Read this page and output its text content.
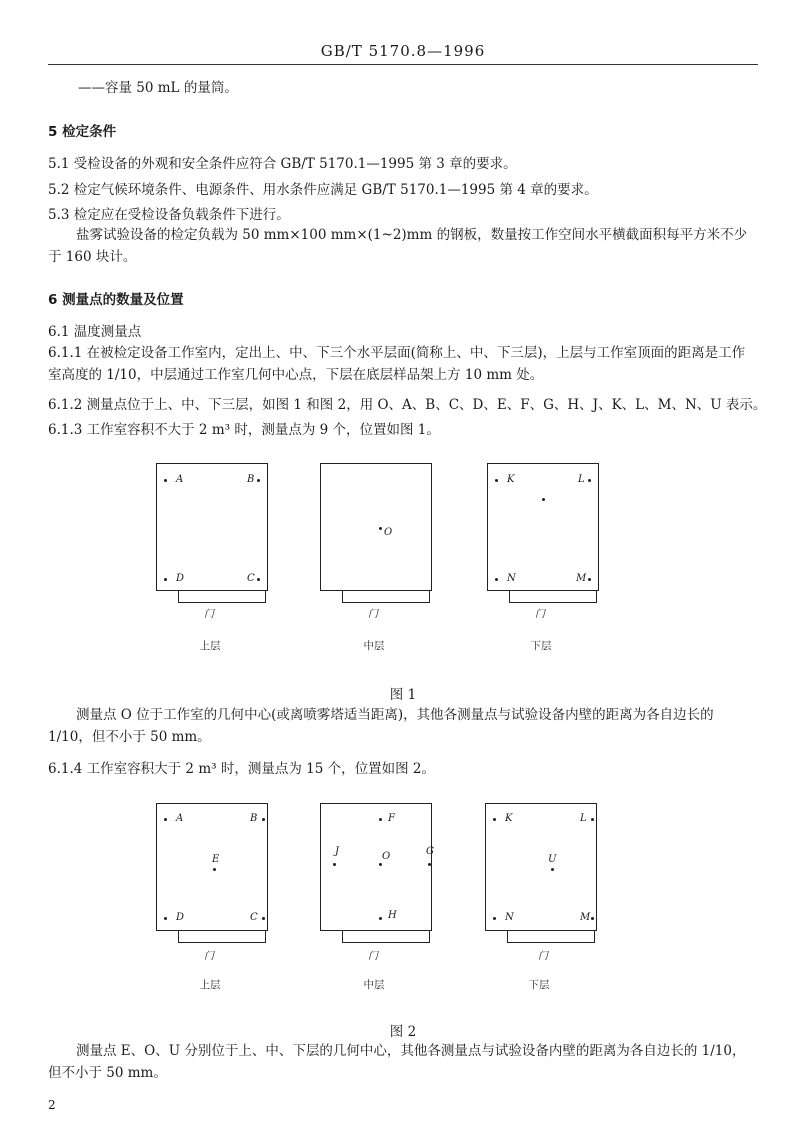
GB/T 5170.8—1996
——容量 50 mL 的量筒。
5 检定条件
5.1 受检设备的外观和安全条件应符合 GB/T 5170.1—1995 第 3 章的要求。
5.2 检定气候环境条件、电源条件、用水条件应满足 GB/T 5170.1—1995 第 4 章的要求。
5.3 检定应在受检设备负载条件下进行。
盐雾试验设备的检定负载为 50 mm×100 mm×(1~2)mm 的钢板，数量按工作空间水平横截面积每平方米不少于 160 块计。
6 测量点的数量及位置
6.1 温度测量点
6.1.1 在被检定设备工作室内，定出上、中、下三个水平层面(简称上、中、下三层)，上层与工作室顶面的距离是工作室高度的 1/10，中层通过工作室几何中心点，下层在底层样品架上方 10 mm 处。
6.1.2 测量点位于上、中、下三层，如图 1 和图 2，用 O、A、B、C、D、E、F、G、H、J、K、L、M、N、U 表示。
6.1.3 工作室容积不大于 2 m³ 时，测量点为 9 个，位置如图 1。
A	B
C
D
门
上层
O
门
中层
K	L
M
N
门
下层
图 1
测量点 O 位于工作室的几何中心(或离喷雾塔适当距离)，其他各测量点与试验设备内壁的距离为各自边长的 1/10，但不小于 50 mm。
6.1.4 工作室容积大于 2 m³ 时，测量点为 15 个，位置如图 2。
A	B
E
D	C
门
上层
F
J	O	G
H
门
中层
K	L
U
N	M
门
下层
图 2
测量点 E、O、U 分别位于上、中、下层的几何中心，其他各测量点与试验设备内壁的距离为各自边长的 1/10，但不小于 50 mm。
2
